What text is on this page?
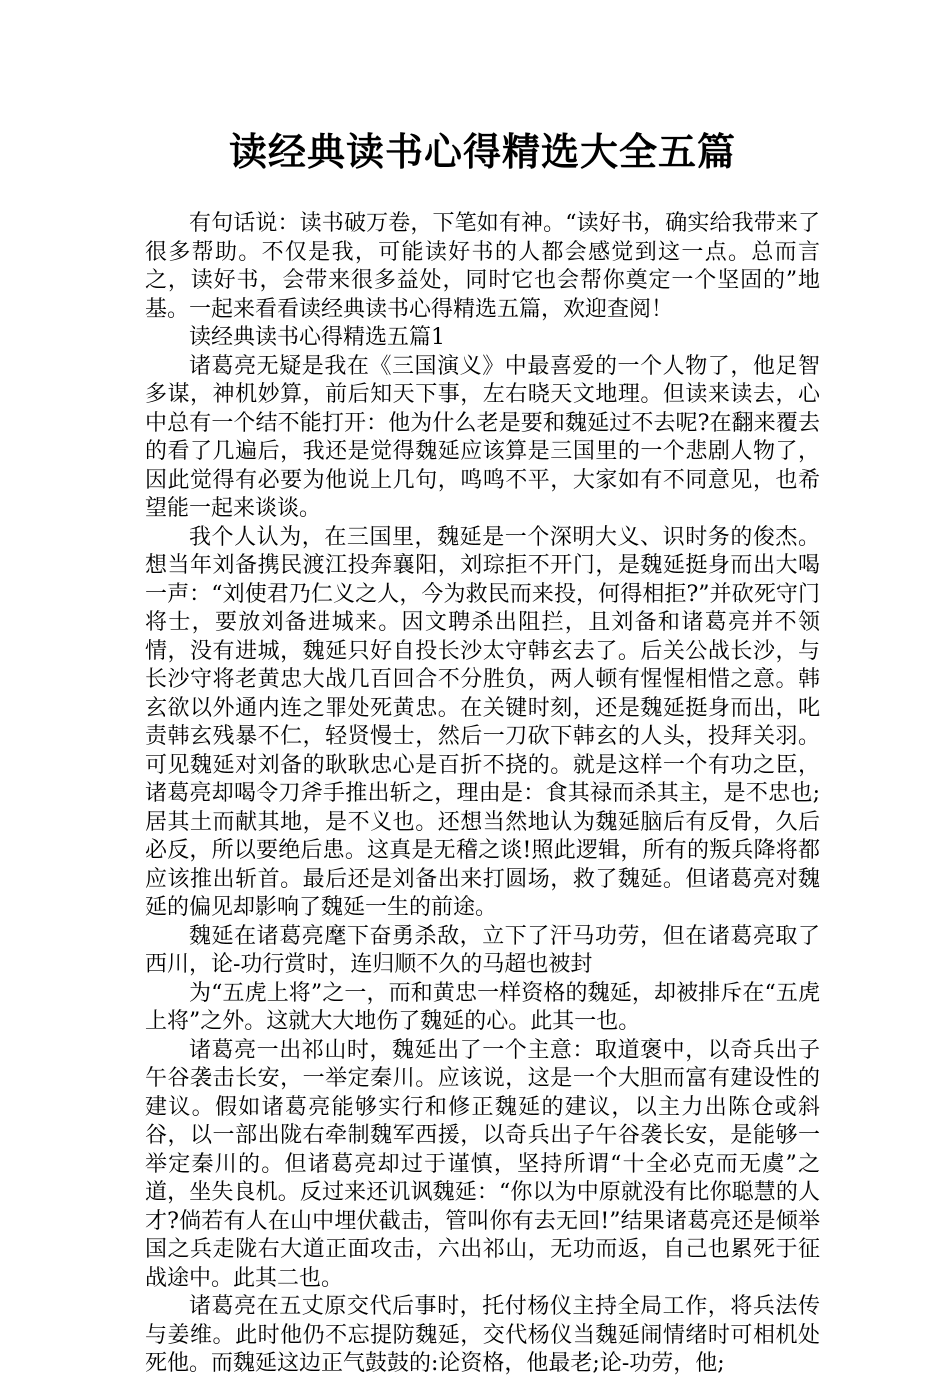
读经典读书心得精选大全五篇

有句话说：读书破万卷，下笔如有神。“读好书，确实给我带来了很多帮助。不仅是我，可能读好书的人都会感觉到这一点。总而言之，读好书，会带来很多益处，同时它也会帮你奠定一个坚固的”地基。一起来看看读经典读书心得精选五篇，欢迎查阅！

读经典读书心得精选五篇1

诸葛亮无疑是我在《三国演义》中最喜爱的一个人物了，他足智多谋，神机妙算，前后知天下事，左右晓天文地理。但读来读去，心中总有一个结不能打开：他为什么老是要和魏延过不去呢?在翻来覆去的看了几遍后，我还是觉得魏延应该算是三国里的一个悲剧人物了，因此觉得有必要为他说上几句，鸣鸣不平，大家如有不同意见，也希望能一起来谈谈。

我个人认为，在三国里，魏延是一个深明大义、识时务的俊杰。想当年刘备携民渡江投奔襄阳，刘琮拒不开门，是魏延挺身而出大喝一声：“刘使君乃仁义之人，今为救民而来投，何得相拒?”并砍死守门将士，要放刘备进城来。因文聘杀出阻拦，且刘备和诸葛亮并不领情，没有进城，魏延只好自投长沙太守韩玄去了。后关公战长沙，与长沙守将老黄忠大战几百回合不分胜负，两人顿有惺惺相惜之意。韩玄欲以外通内连之罪处死黄忠。在关键时刻，还是魏延挺身而出，叱责韩玄残暴不仁，轻贤慢士，然后一刀砍下韩玄的人头，投拜关羽。可见魏延对刘备的耿耿忠心是百折不挠的。就是这样一个有功之臣，诸葛亮却喝令刀斧手推出斩之，理由是：食其禄而杀其主，是不忠也;居其土而献其地，是不义也。还想当然地认为魏延脑后有反骨，久后必反，所以要绝后患。这真是无稽之谈!照此逻辑，所有的叛兵降将都应该推出斩首。最后还是刘备出来打圆场，救了魏延。但诸葛亮对魏延的偏见却影响了魏延一生的前途。

魏延在诸葛亮麾下奋勇杀敌，立下了汗马功劳，但在诸葛亮取了西川，论-功行赏时，连归顺不久的马超也被封

为“五虎上将”之一，而和黄忠一样资格的魏延，却被排斥在“五虎上将”之外。这就大大地伤了魏延的心。此其一也。

诸葛亮一出祁山时，魏延出了一个主意：取道褒中，以奇兵出子午谷袭击长安，一举定秦川。应该说，这是一个大胆而富有建设性的建议。假如诸葛亮能够实行和修正魏延的建议，以主力出陈仓或斜谷，以一部出陇右牵制魏军西援，以奇兵出子午谷袭长安，是能够一举定秦川的。但诸葛亮却过于谨慎，坚持所谓“十全必克而无虞”之道，坐失良机。反过来还讥讽魏延：“你以为中原就没有比你聪慧的人才?倘若有人在山中埋伏截击，管叫你有去无回!”结果诸葛亮还是倾举国之兵走陇右大道正面攻击，六出祁山，无功而返，自己也累死于征战途中。此其二也。

诸葛亮在五丈原交代后事时，托付杨仪主持全局工作，将兵法传与姜维。此时他仍不忘提防魏延，交代杨仪当魏延闹情绪时可相机处死他。而魏延这边正气鼓鼓的:论资格，他最老;论-功劳，他;
